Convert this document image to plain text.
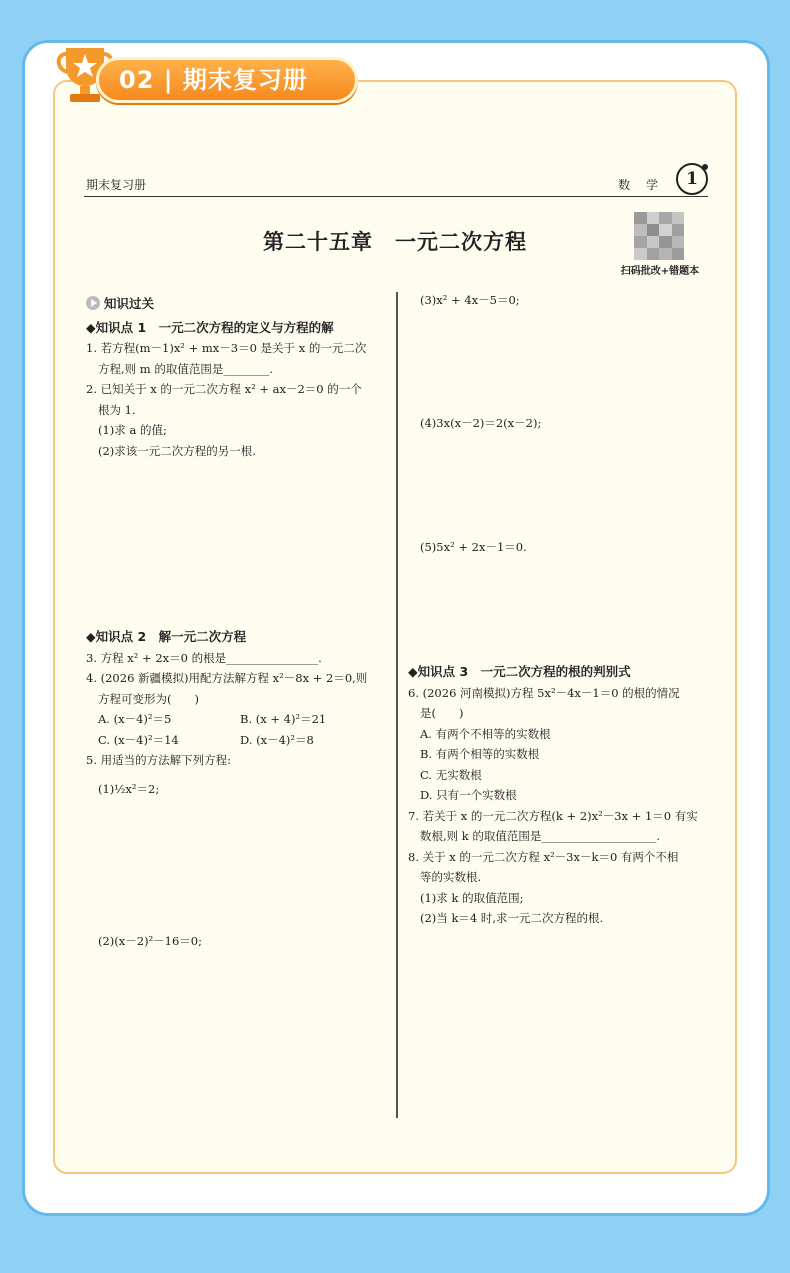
02 | 期末复习册
期末复习册	数 学	1
第二十五章　一元二次方程
扫码批改+错题本

知识过关

◆知识点 1　一元二次方程的定义与方程的解

1. 若方程(m－1)x² + mx－3＝0 是关于 x 的一元二次

方程,则 m 的取值范围是________.

2. 已知关于 x 的一元二次方程 x² + ax－2＝0 的一个

根为 1.

(1)求 a 的值;

(2)求该一元二次方程的另一根.

◆知识点 2　解一元二次方程

3. 方程 x² + 2x＝0 的根是________________.

4. (2026 新疆模拟)用配方法解方程 x²－8x + 2＝0,则

方程可变形为(　　)

A. (x－4)²＝5	B. (x + 4)²＝21

C. (x－4)²＝14	D. (x－4)²＝8

5. 用适当的方法解下列方程:

(1)½x²＝2;

(2)(x－2)²－16＝0;

(3)x² + 4x－5＝0;

(4)3x(x－2)＝2(x－2);

(5)5x² + 2x－1＝0.

◆知识点 3　一元二次方程的根的判别式

6. (2026 河南模拟)方程 5x²－4x－1＝0 的根的情况

是(　　)

A. 有两个不相等的实数根

B. 有两个相等的实数根

C. 无实数根

D. 只有一个实数根

7. 若关于 x 的一元二次方程(k + 2)x²－3x + 1＝0 有实

数根,则 k 的取值范围是____________________.

8. 关于 x 的一元二次方程 x²－3x－k＝0 有两个不相

等的实数根.

(1)求 k 的取值范围;

(2)当 k＝4 时,求一元二次方程的根.
